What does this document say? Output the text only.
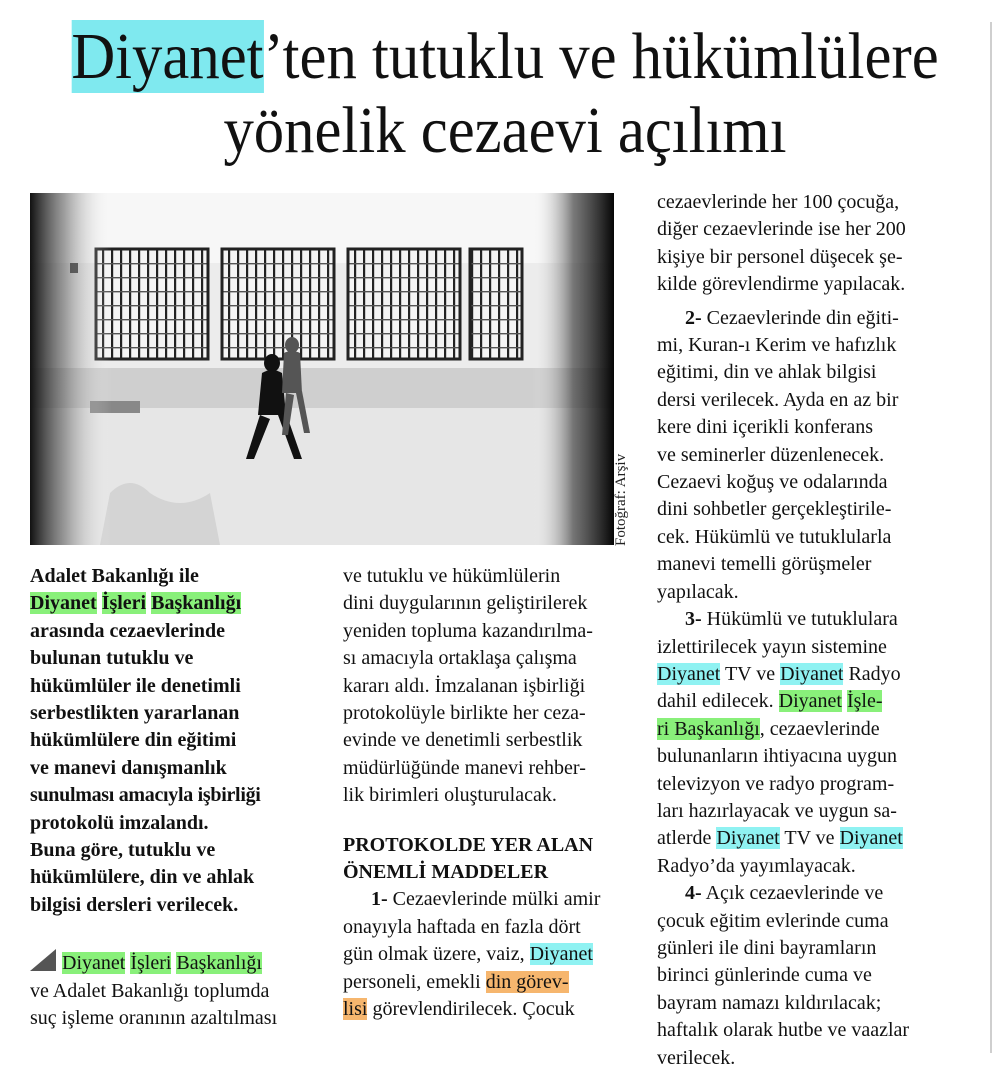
Diyanet’ten tutuklu ve hükümlülere
yönelik cezaevi açılımı
Fotoğraf: Arşiv

Adalet Bakanlığı ile

Diyanet İşleri Başkanlığı

arasında cezaevlerinde

bulunan tutuklu ve

hükümlüler ile denetimli

serbestlikten yararlanan

hükümlülere din eğitimi

ve manevi danışmanlık

sunulması amacıyla işbirliği

protokolü imzalandı.

Buna göre, tutuklu ve

hükümlülere, din ve ahlak

bilgisi dersleri verilecek.

Diyanet İşleri Başkanlığı

ve Adalet Bakanlığı toplumda

suç işleme oranının azaltılması

ve tutuklu ve hükümlülerin

dini duygularının geliştirilerek

yeniden topluma kazandırılma-

sı amacıyla ortaklaşa çalışma

kararı aldı. İmzalanan işbirliği

protokolüyle birlikte her ceza-

evinde ve denetimli serbestlik

müdürlüğünde manevi rehber-

lik birimleri oluşturulacak.

PROTOKOLDE YER ALAN

ÖNEMLİ MADDELER

1- Cezaevlerinde mülki amir

onayıyla haftada en fazla dört

gün olmak üzere, vaiz, Diyanet

personeli, emekli din görev-

lisi görevlendirilecek. Çocuk

cezaevlerinde her 100 çocuğa,

diğer cezaevlerinde ise her 200

kişiye bir personel düşecek şe-

kilde görevlendirme yapılacak.

2- Cezaevlerinde din eğiti-

mi, Kuran-ı Kerim ve hafızlık

eğitimi, din ve ahlak bilgisi

dersi verilecek. Ayda en az bir

kere dini içerikli konferans

ve seminerler düzenlenecek.

Cezaevi koğuş ve odalarında

dini sohbetler gerçekleştirile-

cek. Hükümlü ve tutuklularla

manevi temelli görüşmeler

yapılacak.

3- Hükümlü ve tutuklulara

izlettirilecek yayın sistemine

Diyanet TV ve Diyanet Radyo

dahil edilecek. Diyanet İşle-

ri Başkanlığı, cezaevlerinde

bulunanların ihtiyacına uygun

televizyon ve radyo program-

ları hazırlayacak ve uygun sa-

atlerde Diyanet TV ve Diyanet

Radyo’da yayımlayacak.

4- Açık cezaevlerinde ve

çocuk eğitim evlerinde cuma

günleri ile dini bayramların

birinci günlerinde cuma ve

bayram namazı kıldırılacak;

haftalık olarak hutbe ve vaazlar

verilecek.
